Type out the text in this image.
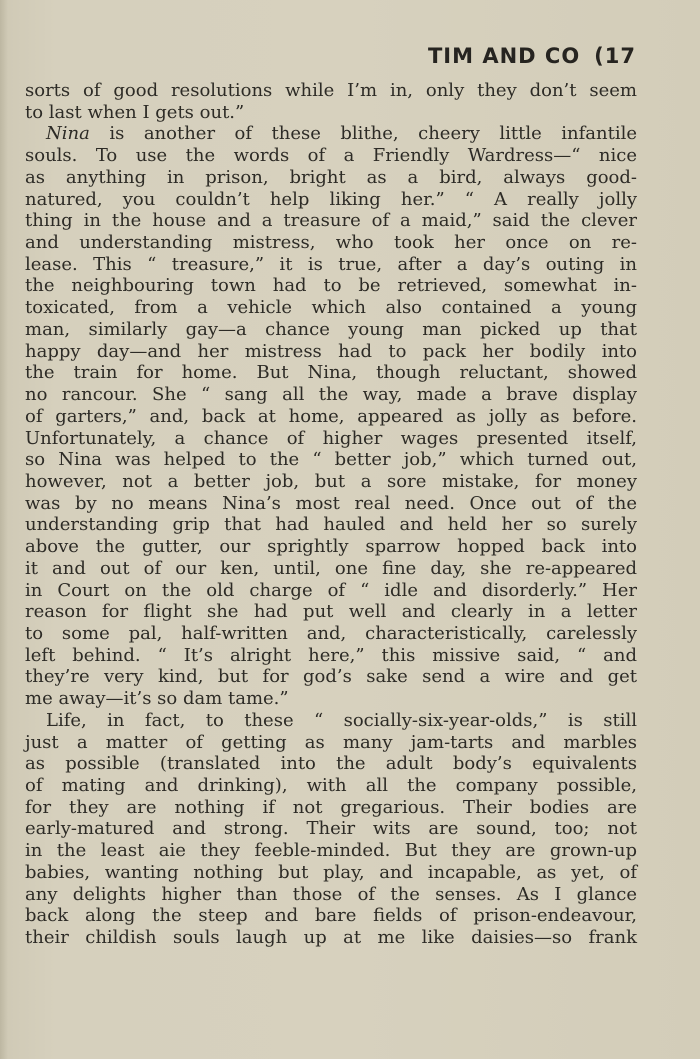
TIM AND CO (17
sorts of good resolutions while I’m in, only they don’t seem
to last when I gets out.”
Nina is another of these blithe, cheery little infantile
souls. To use the words of a Friendly Wardress—“ nice
as anything in prison, bright as a bird, always good-
natured, you couldn’t help liking her.” “ A really jolly
thing in the house and a treasure of a maid,” said the clever
and understanding mistress, who took her once on re-
lease. This “ treasure,” it is true, after a day’s outing in
the neighbouring town had to be retrieved, somewhat in-
toxicated, from a vehicle which also contained a young
man, similarly gay—a chance young man picked up that
happy day—and her mistress had to pack her bodily into
the train for home. But Nina, though reluctant, showed
no rancour. She “ sang all the way, made a brave display
of garters,” and, back at home, appeared as jolly as before.
Unfortunately, a chance of higher wages presented itself,
so Nina was helped to the “ better job,” which turned out,
however, not a better job, but a sore mistake, for money
was by no means Nina’s most real need. Once out of the
understanding grip that had hauled and held her so surely
above the gutter, our sprightly sparrow hopped back into
it and out of our ken, until, one fine day, she re-appeared
in Court on the old charge of “ idle and disorderly.” Her
reason for flight she had put well and clearly in a letter
to some pal, half-written and, characteristically, carelessly
left behind. “ It’s alright here,” this missive said, “ and
they’re very kind, but for god’s sake send a wire and get
me away—it’s so dam tame.”
Life, in fact, to these “ socially-six-year-olds,” is still
just a matter of getting as many jam-tarts and marbles
as possible (translated into the adult body’s equivalents
of mating and drinking), with all the company possible,
for they are nothing if not gregarious. Their bodies are
early-matured and strong. Their wits are sound, too; not
in the least aie they feeble-minded. But they are grown-up
babies, wanting nothing but play, and incapable, as yet, of
any delights higher than those of the senses. As I glance
back along the steep and bare fields of prison-endeavour,
their childish souls laugh up at me like daisies—so frank
